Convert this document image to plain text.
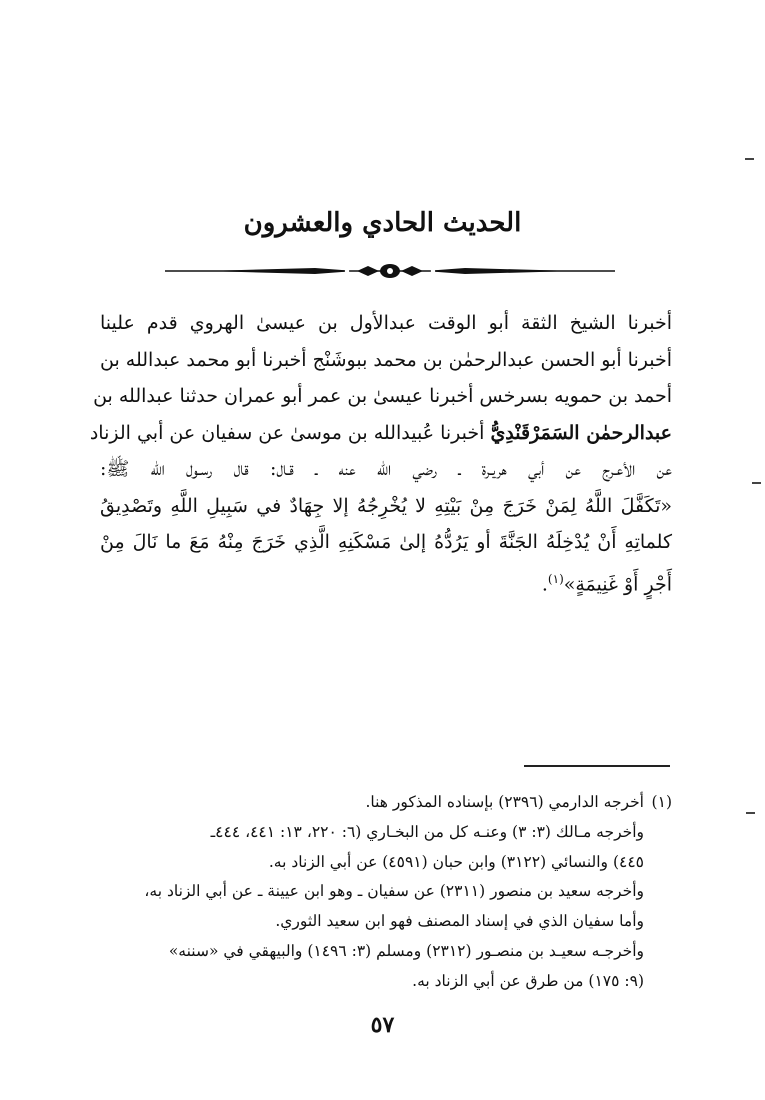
الحديث الحادي والعشرون
أخبرنا الشيخ الثقة أبو الوقت عبدالأول بن عيسىٰ الهروي قدم علينا
أخبرنا أبو الحسن عبدالرحمٰن بن محمد ببوشَنْج أخبرنا أبو محمد عبدالله بن
أحمد بن حمويه بسرخس أخبرنا عيسىٰ بن عمر أبو عمران حدثنا عبدالله بن
عبدالرحمٰن السَمَرْقَنْدِيُّ أخبرنا عُبيدالله بن موسىٰ عن سفيان عن أبي الزناد
عن الأعـرج عن أبي هريـرة ـ رضي الله عنه ـ قـال: قال رسـول الله ﷺ:
«تَكَفَّلَ اللَّهُ لِمَنْ خَرَجَ مِنْ بَيْتِهِ لا يُخْرِجُهُ إلا جِهَادٌ في سَبِيلِ اللَّهِ وتَصْدِيقُ
كلماتِهِ أَنْ يُدْخِلَهُ الجَنَّةَ أو يَرُدُّهُ إلىٰ مَسْكَنِهِ الَّذِي خَرَجَ مِنْهُ مَعَ ما نَالَ مِنْ
أَجْرٍ أَوْ غَنِيمَةٍ»$^{(١)}$.
(١)أخرجه الدارمي (٢٣٩٦) بإسناده المذكور هنا.
وأخرجه مـالك (٣: ٣) وعنـه كل من البخـاري (٦: ٢٢٠، ١٣: ٤٤١، ٤٤٤ـ
٤٤٥) والنسائي (٣١٢٢) وابن حبان (٤٥٩١) عن أبي الزناد به.
وأخرجه سعيد بن منصور (٢٣١١) عن سفيان ـ وهو ابن عيينة ـ عن أبي الزناد به،
وأما سفيان الذي في إسناد المصنف فهو ابن سعيد الثوري.
وأخرجـه سعيـد بن منصـور (٢٣١٢) ومسلم (٣: ١٤٩٦) والبيهقي في «سننه»
(٩: ١٧٥) من طرق عن أبي الزناد به.
٥٧
